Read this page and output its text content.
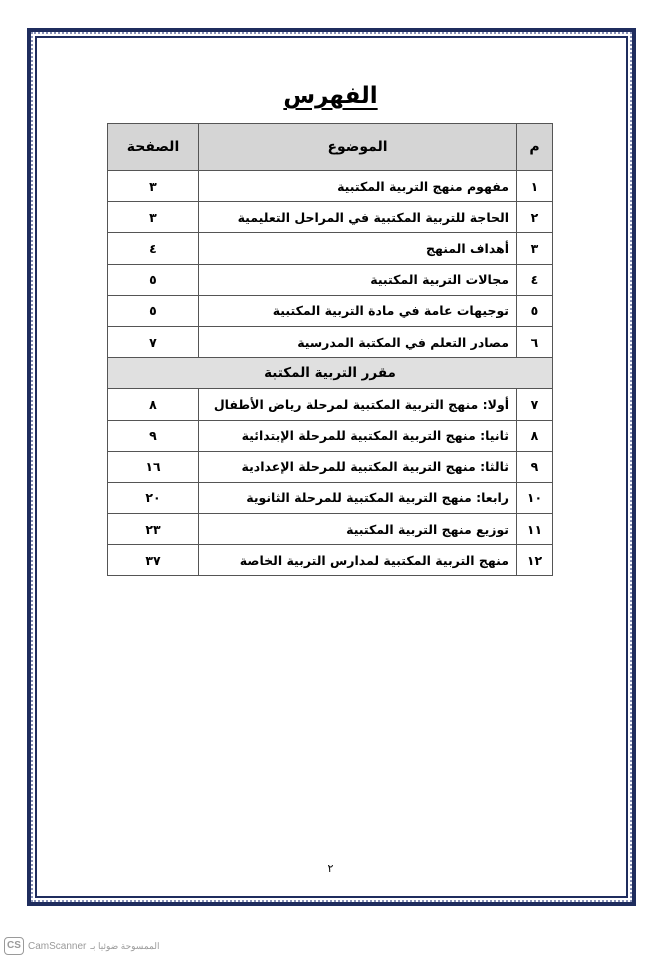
الفهرس
م	الموضوع	الصفحة
١	مفهوم منهج التربية المكتبية	٣
٢	الحاجة للتربية المكتبية في المراحل التعليمية	٣
٣	أهداف المنهج	٤
٤	مجالات التربية المكتبية	٥
٥	توجيهات عامة في مادة التربية المكتبية	٥
٦	مصادر التعلم في المكتبة المدرسية	٧
مقرر التربية المكتبة		
٧	أولا: منهج التربية المكتبية لمرحلة رياض الأطفال	٨
٨	ثانيا: منهج التربية المكتبية للمرحلة الإبتدائية	٩
٩	ثالثا: منهج التربية المكتبية للمرحلة الإعدادية	١٦
١٠	رابعا: منهج التربية المكتبية للمرحلة الثانوية	٢٠
١١	توزيع منهج التربية المكتبية	٢٣
١٢	منهج التربية المكتبية لمدارس التربية الخاصة	٣٧
٢
CS CamScanner الممسوحة ضوئيا بـ
